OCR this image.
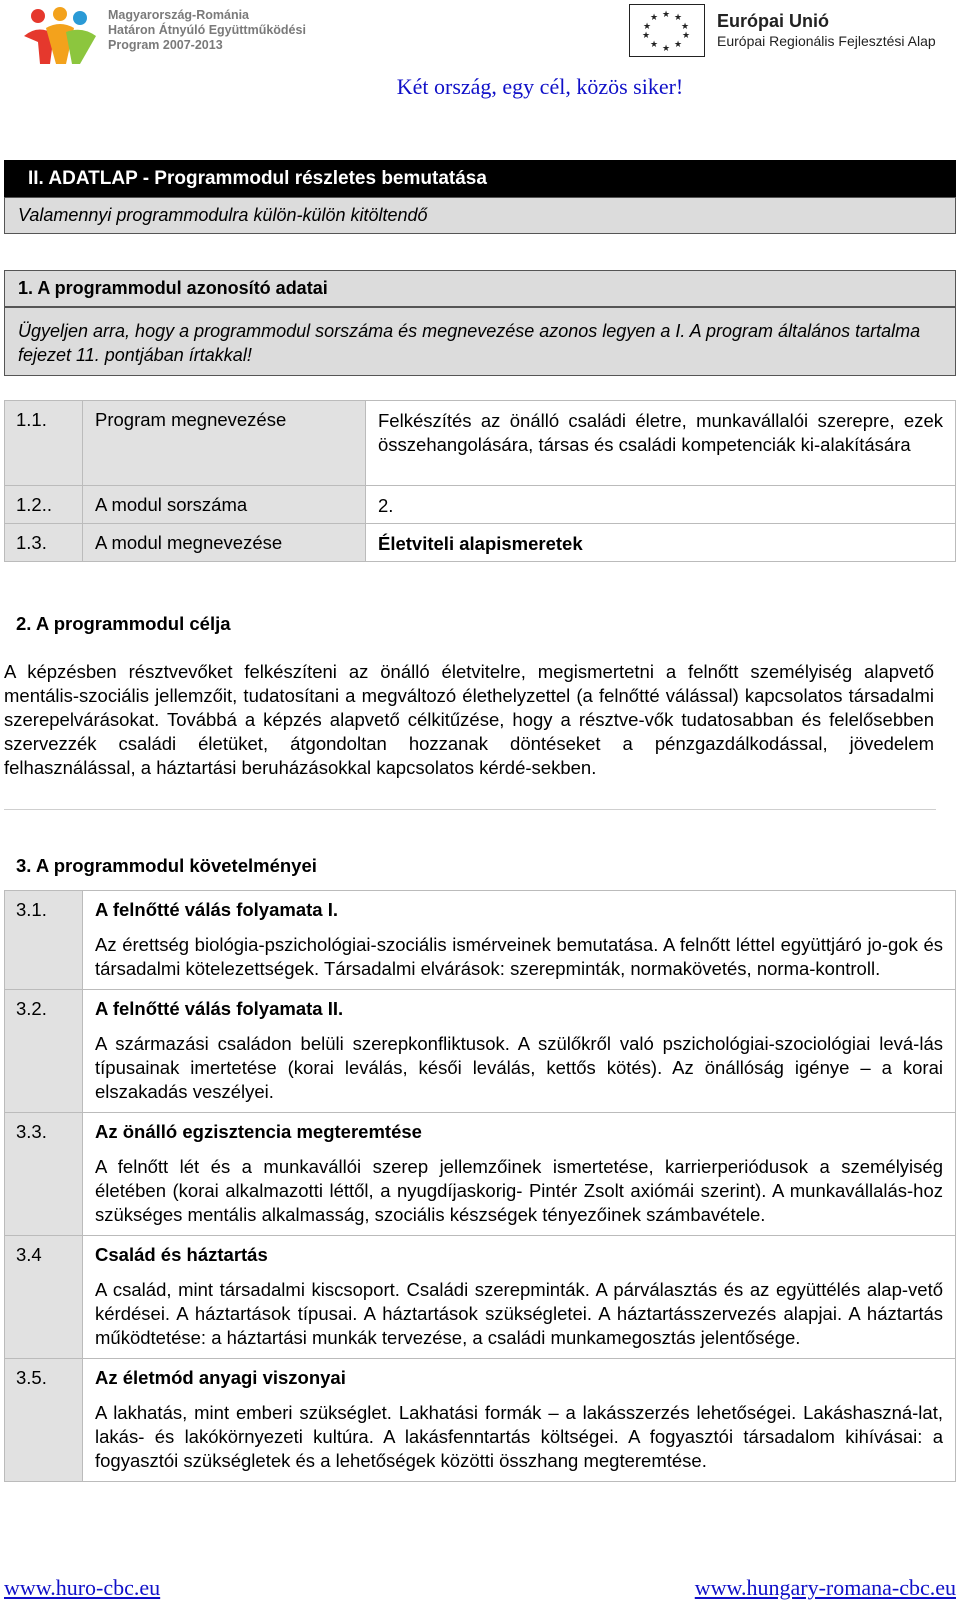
Magyarország-Románia
Határon Átnyúló Együttműködési
Program 2007-2013
★ ★
★
★
★
★
★
★
★
★	Európai Unió
Európai Regionális Fejlesztési Alap
Két ország, egy cél, közös siker!
II. ADATLAP - Programmodul részletes bemutatása
Valamennyi programmodulra külön-külön kitöltendő
1. A programmodul azonosító adatai
Ügyeljen arra, hogy a programmodul sorszáma és megnevezése azonos legyen a I. A program általános tartalma fejezet 11. pontjában írtakkal!
1.1.	Program megnevezése	Felkészítés az önálló családi életre, munkavállalói szerepre, ezek összehangolására, társas és családi kompetenciák ki-alakítására
1.2..	A modul sorszáma	2.
1.3.	A modul megnevezése	Életviteli alapismeretek
2. A programmodul célja
A képzésben résztvevőket felkészíteni az önálló életvitelre, megismertetni a felnőtt személyiség alapvető mentális-szociális jellemzőit, tudatosítani a megváltozó élethelyzettel (a felnőtté válással) kapcsolatos társadalmi szerepelvárásokat. Továbbá a képzés alapvető célkitűzése, hogy a résztve-vők tudatosabban és felelősebben szervezzék családi életüket, átgondoltan hozzanak döntéseket a pénzgazdálkodással, jövedelem felhasználással, a háztartási beruházásokkal kapcsolatos kérdé-sekben.
3. A programmodul követelményei
3.1.	A felnőtté válás folyamata I.
	Az érettség biológia-pszichológiai-szociális ismérveinek bemutatása. A felnőtt léttel együttjáró jo-gok és társadalmi kötelezettségek. Társadalmi elvárások: szerepminták, normakövetés, norma-kontroll.
3.2.	A felnőtté válás folyamata II.
	A származási családon belüli szerepkonfliktusok. A szülőkről való pszichológiai-szociológiai levá-lás típusainak imertetése (korai leválás, késői leválás, kettős kötés). Az önállóság igénye – a korai elszakadás veszélyei.
3.3.	Az önálló egzisztencia megteremtése
	A felnőtt lét és a munkavállói szerep jellemzőinek ismertetése, karrierperiódusok a személyiség életében (korai alkalmazotti léttől, a nyugdíjaskorig- Pintér Zsolt axiómái szerint). A munkavállalás-hoz szükséges mentális alkalmasság, szociális készségek tényezőinek számbavétele.
3.4	Család és háztartás
	A család, mint társadalmi kiscsoport. Családi szerepminták. A párválasztás és az együttélés alap-vető kérdései. A háztartások típusai. A háztartások szükségletei. A háztartásszervezés alapjai. A háztartás működtetése: a háztartási munkák tervezése, a családi munkamegosztás jelentősége.
3.5.	Az életmód anyagi viszonyai
	A lakhatás, mint emberi szükséglet. Lakhatási formák – a lakásszerzés lehetőségei. Lakáshaszná-lat, lakás- és lakókörnyezeti kultúra. A lakásfenntartás költségei. A fogyasztói társadalom kihívásai: a fogyasztói szükségletek és a lehetőségek közötti összhang megteremtése.
www.huro-cbc.eu	www.hungary-romana-cbc.eu
